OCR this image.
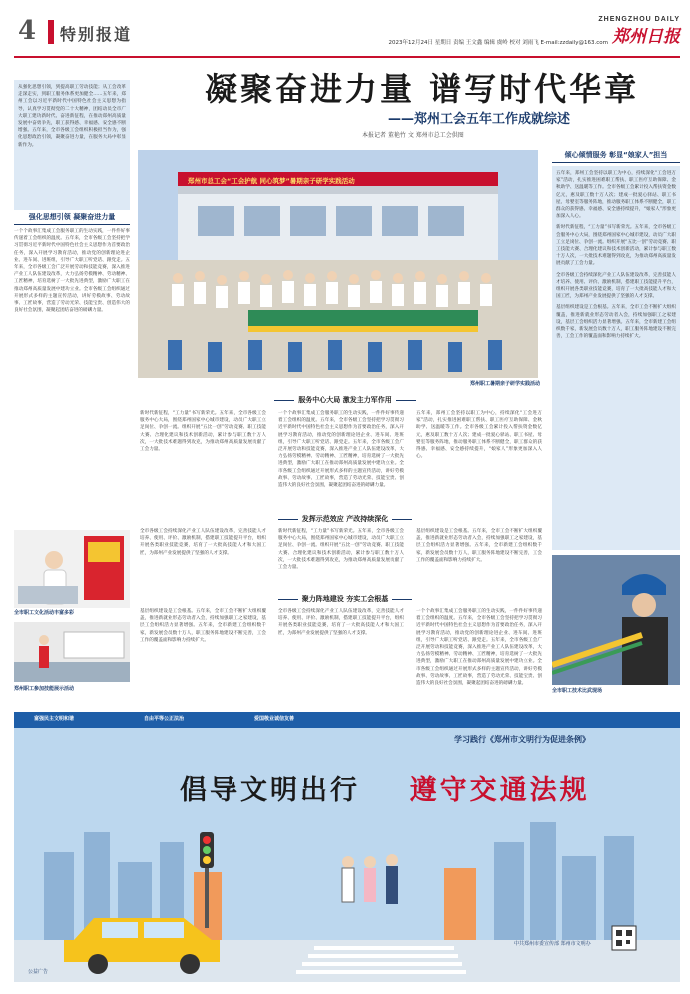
4 特别报道
ZHENGZHOU DAILY
郑州日报
2023年12月24日 星期日 责编 王文鑫 编辑 虞岭 校对 刘雨飞 E-mail:zzdaily@163.com
凝聚奋进力量 谱写时代华章
——郑州工会五年工作成就综述
本报记者 董艳竹 文 郑州市总工会供图

从强化思想引领，到提高职工劳动技能；从工会改革走深走实，到职工服务体系更加健全……五年来，郑州工会以习近平新时代中国特色社会主义思想为指导，认真学习贯彻党的二十大精神，团结动员全市广大职工建功新时代、奋进新征程，在推动郑州高质量发展中奋勇争先，职工获得感、幸福感、安全感不断增强。五年来，全市各级工会组织积极担当作为，强化思想政治引领，凝聚奋进力量，在服务大局中彰显新作为。

强化思想引领 凝聚奋进力量

一个个故事汇集成工会服务职工的生动实践，一件件好事传递着工会组织的温度。五年来，全市各级工会坚持把学习贯彻习近平新时代中国特色社会主义思想作为首要政治任务，深入开展学习教育活动，推动党的创新理论进企业、进车间、进班组，引导广大职工听党话、跟党走。五年来，全市各级工会广泛开展劳动和技能竞赛，深入推进产业工人队伍建设改革，大力弘扬劳模精神、劳动精神、工匠精神，培育选树了一大批先进典型，激励广大职工在推动郑州高质量发展中建功立业。全市各级工会组织通过开展形式多样的主题宣传活动，讲好劳模故事、劳动故事、工匠故事，营造了劳动光荣、技能宝贵、创造伟大的良好社会氛围，凝聚起团结奋进的磅礴力量。

全市职工文化活动丰富多彩
郑州职工参加技能展示活动
郑州市总工会“工会护航 同心筑梦”暑期亲子研学实践活动
郑州职工暑期亲子研学实践活动
倾心倾情服务 彰显“娘家人”担当

五年来，郑州工会坚持以职工为中心，持续深化“工会进万家”活动，扎实推进困难职工帮扶、职工医疗互助保障、金秋助学、送温暖等工作。全市各级工会累计投入帮扶资金数亿元，惠及职工数十万人次；建成一批爱心驿站、职工书屋、母婴室等服务阵地，推动服务职工体系不断健全，职工群众的获得感、幸福感、安全感持续提升，“娘家人”形象更加深入人心。

新时代新征程，“工力量”书写新荣光。五年来，全市各级工会服务中心大局，围绕郑州国家中心城市建设，动员广大职工立足岗位、争创一流。组织开展“五比一创”劳动竞赛、职工技能大赛、合理化建议和技术创新活动，累计参与职工数十万人次，一大批技术难题得到攻克，为推动郑州高质量发展贡献了工会力量。

全市各级工会持续深化产业工人队伍建设改革，完善技能人才培养、使用、评价、激励机制，搭建职工技能提升平台，组织开展各类职业技能竞赛，培育了一大批高技能人才和大国工匠，为郑州产业发展提供了坚强的人才支撑。

基层组织建设是工会根基。五年来，全市工会不断扩大组织覆盖，推进新就业形态劳动者入会，持续加强职工之家建设，基层工会组织活力显著增强。五年来，全市新建工会组织数千家，新发展会员数十万人，职工服务阵地建设不断完善，工会工作的覆盖面和影响力持续扩大。

全市职工技术比武现场
服务中心大局 激发主力军作用

新时代新征程，“工力量”书写新荣光。五年来，全市各级工会服务中心大局，围绕郑州国家中心城市建设，动员广大职工立足岗位、争创一流。组织开展“五比一创”劳动竞赛、职工技能大赛、合理化建议和技术创新活动，累计参与职工数十万人次，一大批技术难题得到攻克，为推动郑州高质量发展贡献了工会力量。

一个个故事汇集成工会服务职工的生动实践，一件件好事传递着工会组织的温度。五年来，全市各级工会坚持把学习贯彻习近平新时代中国特色社会主义思想作为首要政治任务，深入开展学习教育活动，推动党的创新理论进企业、进车间、进班组，引导广大职工听党话、跟党走。五年来，全市各级工会广泛开展劳动和技能竞赛，深入推进产业工人队伍建设改革，大力弘扬劳模精神、劳动精神、工匠精神，培育选树了一大批先进典型，激励广大职工在推动郑州高质量发展中建功立业。全市各级工会组织通过开展形式多样的主题宣传活动，讲好劳模故事、劳动故事、工匠故事，营造了劳动光荣、技能宝贵、创造伟大的良好社会氛围，凝聚起团结奋进的磅礴力量。

五年来，郑州工会坚持以职工为中心，持续深化“工会进万家”活动，扎实推进困难职工帮扶、职工医疗互助保障、金秋助学、送温暖等工作。全市各级工会累计投入帮扶资金数亿元，惠及职工数十万人次；建成一批爱心驿站、职工书屋、母婴室等服务阵地，推动服务职工体系不断健全，职工群众的获得感、幸福感、安全感持续提升，“娘家人”形象更加深入人心。

发挥示范效应 产改持续深化

全市各级工会持续深化产业工人队伍建设改革，完善技能人才培养、使用、评价、激励机制，搭建职工技能提升平台，组织开展各类职业技能竞赛，培育了一大批高技能人才和大国工匠，为郑州产业发展提供了坚强的人才支撑。

新时代新征程，“工力量”书写新荣光。五年来，全市各级工会服务中心大局，围绕郑州国家中心城市建设，动员广大职工立足岗位、争创一流。组织开展“五比一创”劳动竞赛、职工技能大赛、合理化建议和技术创新活动，累计参与职工数十万人次，一大批技术难题得到攻克，为推动郑州高质量发展贡献了工会力量。

基层组织建设是工会根基。五年来，全市工会不断扩大组织覆盖，推进新就业形态劳动者入会，持续加强职工之家建设，基层工会组织活力显著增强。五年来，全市新建工会组织数千家，新发展会员数十万人，职工服务阵地建设不断完善，工会工作的覆盖面和影响力持续扩大。

聚力阵地建设 夯实工会根基

基层组织建设是工会根基。五年来，全市工会不断扩大组织覆盖，推进新就业形态劳动者入会，持续加强职工之家建设，基层工会组织活力显著增强。五年来，全市新建工会组织数千家，新发展会员数十万人，职工服务阵地建设不断完善，工会工作的覆盖面和影响力持续扩大。

全市各级工会持续深化产业工人队伍建设改革，完善技能人才培养、使用、评价、激励机制，搭建职工技能提升平台，组织开展各类职业技能竞赛，培育了一大批高技能人才和大国工匠，为郑州产业发展提供了坚强的人才支撑。

一个个故事汇集成工会服务职工的生动实践，一件件好事传递着工会组织的温度。五年来，全市各级工会坚持把学习贯彻习近平新时代中国特色社会主义思想作为首要政治任务，深入开展学习教育活动，推动党的创新理论进企业、进车间、进班组，引导广大职工听党话、跟党走。五年来，全市各级工会广泛开展劳动和技能竞赛，深入推进产业工人队伍建设改革，大力弘扬劳模精神、劳动精神、工匠精神，培育选树了一大批先进典型，激励广大职工在推动郑州高质量发展中建功立业。全市各级工会组织通过开展形式多样的主题宣传活动，讲好劳模故事、劳动故事、工匠故事，营造了劳动光荣、技能宝贵、创造伟大的良好社会氛围，凝聚起团结奋进的磅礴力量。

富强民主文明和谐	自由平等公正法治	爱国敬业诚信友善
学习践行《郑州市文明行为促进条例》
倡导文明出行 遵守交通法规
公益广告
中共郑州市委宣传部 郑州市文明办
